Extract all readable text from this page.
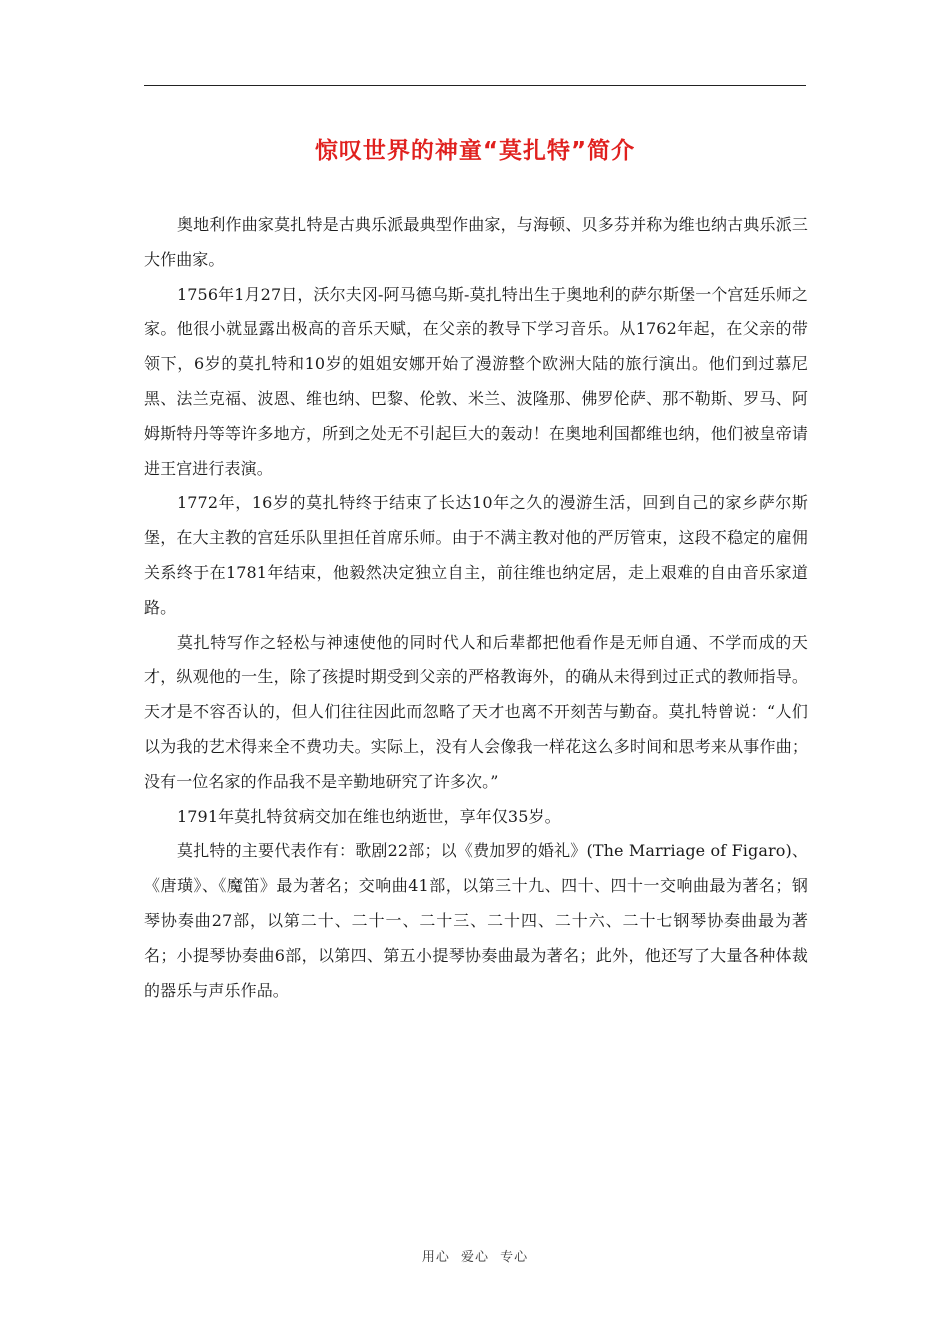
惊叹世界的神童“莫扎特”简介

奥地利作曲家莫扎特是古典乐派最典型作曲家，与海顿、贝多芬并称为维也纳古典乐派三大作曲家。

1756年1月27日，沃尔夫冈-阿马德乌斯-莫扎特出生于奥地利的萨尔斯堡一个宫廷乐师之家。他很小就显露出极高的音乐天赋，在父亲的教导下学习音乐。从1762年起，在父亲的带领下，6岁的莫扎特和10岁的姐姐安娜开始了漫游整个欧洲大陆的旅行演出。他们到过慕尼黑、法兰克福、波恩、维也纳、巴黎、伦敦、米兰、波隆那、佛罗伦萨、那不勒斯、罗马、阿姆斯特丹等等许多地方，所到之处无不引起巨大的轰动！在奥地利国都维也纳，他们被皇帝请进王宫进行表演。

1772年，16岁的莫扎特终于结束了长达10年之久的漫游生活，回到自己的家乡萨尔斯堡，在大主教的宫廷乐队里担任首席乐师。由于不满主教对他的严厉管束，这段不稳定的雇佣关系终于在1781年结束，他毅然决定独立自主，前往维也纳定居，走上艰难的自由音乐家道路。

莫扎特写作之轻松与神速使他的同时代人和后辈都把他看作是无师自通、不学而成的天才，纵观他的一生，除了孩提时期受到父亲的严格教诲外，的确从未得到过正式的教师指导。天才是不容否认的，但人们往往因此而忽略了天才也离不开刻苦与勤奋。莫扎特曾说：“人们以为我的艺术得来全不费功夫。实际上，没有人会像我一样花这么多时间和思考来从事作曲；没有一位名家的作品我不是辛勤地研究了许多次。”

1791年莫扎特贫病交加在维也纳逝世，享年仅35岁。

莫扎特的主要代表作有：歌剧22部；以《费加罗的婚礼》(The Marriage of Figaro)、《唐璜》、《魔笛》最为著名；交响曲41部，以第三十九、四十、四十一交响曲最为著名；钢琴协奏曲27部，以第二十、二十一、二十三、二十四、二十六、二十七钢琴协奏曲最为著名；小提琴协奏曲6部，以第四、第五小提琴协奏曲最为著名；此外，他还写了大量各种体裁的器乐与声乐作品。

用心 爱心 专心
